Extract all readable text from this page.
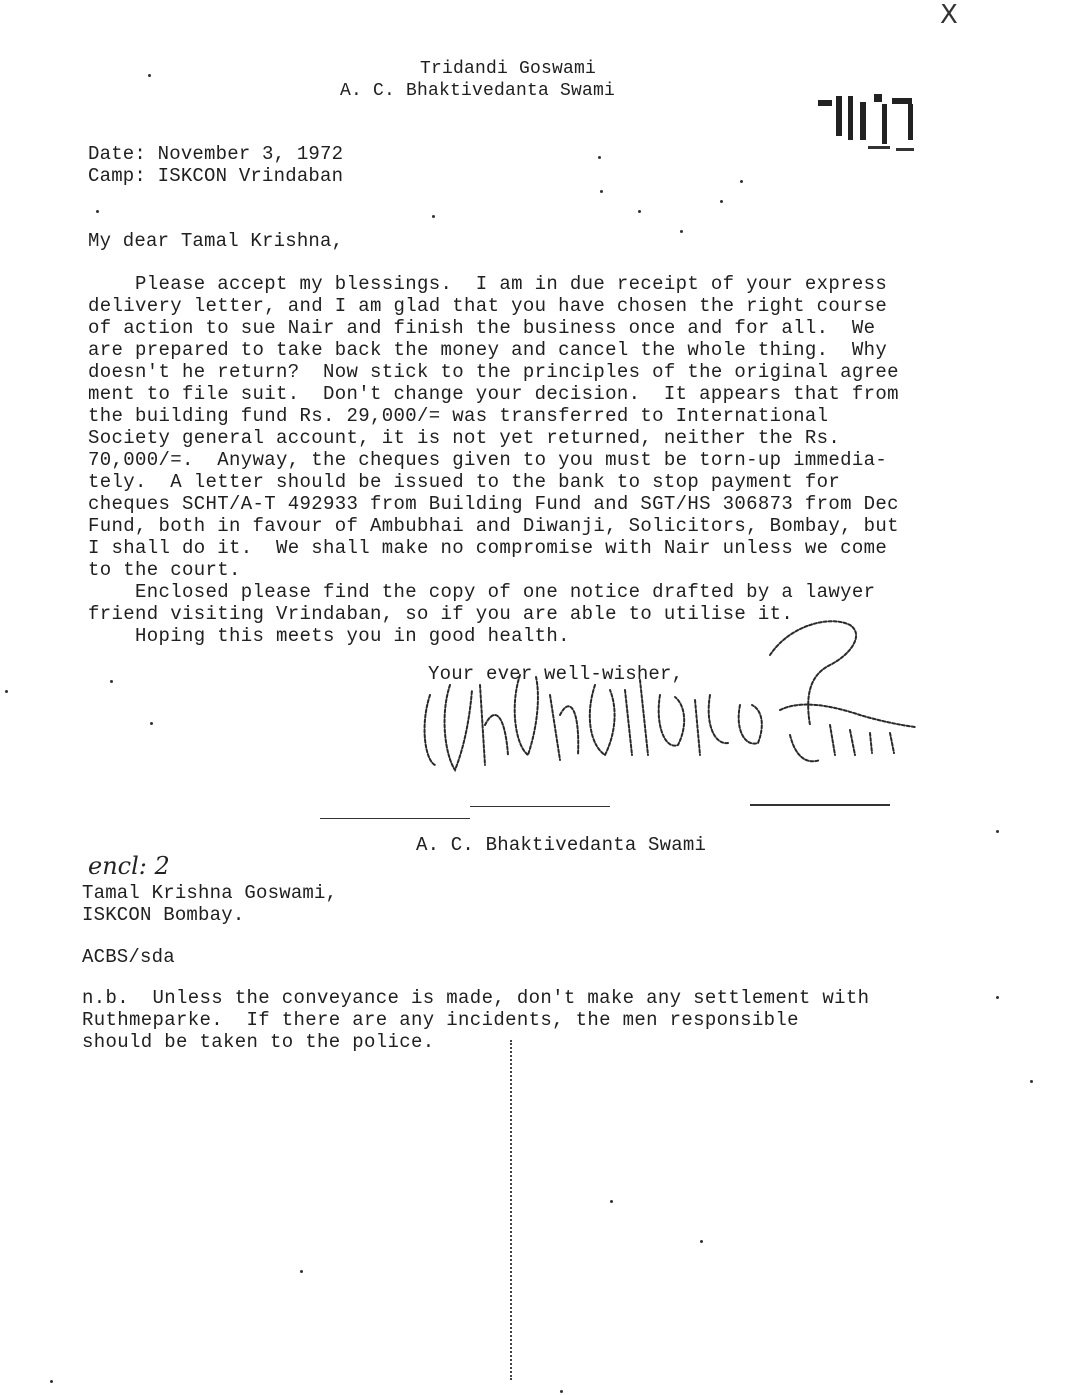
X
Tridandi Goswami
A. C. Bhaktivedanta Swami
Date: November 3, 1972
Camp: ISKCON Vrindaban
My dear Tamal Krishna,
Please accept my blessings.  I am in due receipt of your express
delivery letter, and I am glad that you have chosen the right course
of action to sue Nair and finish the business once and for all.  We
are prepared to take back the money and cancel the whole thing.  Why
doesn't he return?  Now stick to the principles of the original agree
ment to file suit.  Don't change your decision.  It appears that from
the building fund Rs. 29,000/= was transferred to International
Society general account, it is not yet returned, neither the Rs.
70,000/=.  Anyway, the cheques given to you must be torn-up immedia-
tely.  A letter should be issued to the bank to stop payment for
cheques SCHT/A-T 492933 from Building Fund and SGT/HS 306873 from Dec
Fund, both in favour of Ambubhai and Diwanji, Solicitors, Bombay, but
I shall do it.  We shall make no compromise with Nair unless we come
to the court.
Enclosed please find the copy of one notice drafted by a lawyer
friend visiting Vrindaban, so if you are able to utilise it.
Hoping this meets you in good health.
Your ever well-wisher,
A. C. Bhaktivedanta Swami
encl: 2
Tamal Krishna Goswami,
ISKCON Bombay.
ACBS/sda
n.b.  Unless the conveyance is made, don't make any settlement with
Ruthmeparke.  If there are any incidents, the men responsible
should be taken to the police.
